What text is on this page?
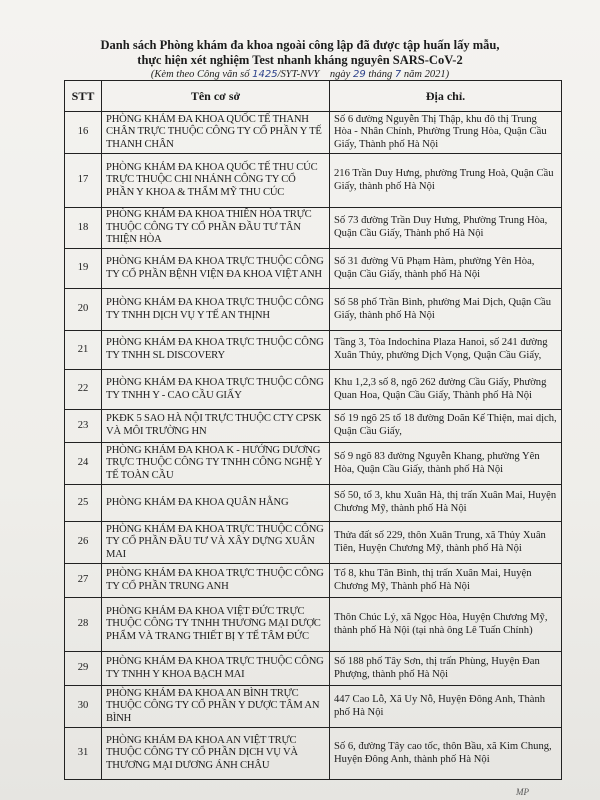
Danh sách Phòng khám đa khoa ngoài công lập đã được tập huấn lấy mẫu,
thực hiện xét nghiệm Test nhanh kháng nguyên SARS-CoV-2
(Kèm theo Công văn số 1425/SYT-NVY ngày 29 tháng 7 năm 2021)
STT	Tên cơ sở	Địa chỉ.
16	PHÒNG KHÁM ĐA KHOA QUỐC TẾ THANH CHÂN TRỰC THUỘC CÔNG TY CỔ PHẦN Y TẾ THANH CHÂN	Số 6 đường Nguyễn Thị Thập, khu đô thị Trung Hòa - Nhân Chính, Phường Trung Hòa, Quận Cầu Giấy, Thành phố Hà Nội
17	PHÒNG KHÁM ĐA KHOA QUỐC TẾ THU CÚC TRỰC THUỘC CHI NHÁNH CÔNG TY CỔ PHẦN Y KHOA & THẨM MỸ THU CÚC	216 Trần Duy Hưng, phường Trung Hoà, Quận Cầu Giấy, thành phố Hà Nội
18	PHÒNG KHÁM ĐA KHOA THIÊN HÒA TRỰC THUỘC CÔNG TY CỔ PHẦN ĐẦU TƯ TÂN THIỆN HÒA	Số 73 đường Trần Duy Hưng, Phường Trung Hòa, Quận Cầu Giấy, Thành phố Hà Nội
19	PHÒNG KHÁM ĐA KHOA TRỰC THUỘC CÔNG TY CỔ PHẦN BỆNH VIỆN ĐA KHOA VIỆT ANH	Số 31 đường Vũ Phạm Hàm, phường Yên Hòa, Quận Cầu Giấy, thành phố Hà Nội
20	PHÒNG KHÁM ĐA KHOA TRỰC THUỘC CÔNG TY TNHH DỊCH VỤ Y TẾ AN THỊNH	Số 58 phố Trần Bình, phường Mai Dịch, Quận Cầu Giấy, thành phố Hà Nội
21	PHÒNG KHÁM ĐA KHOA TRỰC THUỘC CÔNG TY TNHH SL DISCOVERY	Tầng 3, Tòa Indochina Plaza Hanoi, số 241 đường Xuân Thủy, phường Dịch Vọng, Quận Cầu Giấy,
22	PHÒNG KHÁM ĐA KHOA TRỰC THUỘC CÔNG TY TNHH Y - CAO CẦU GIẤY	Khu 1,2,3 số 8, ngõ 262 đường Cầu Giấy, Phường Quan Hoa, Quận Cầu Giấy, Thành phố Hà Nội
23	PKĐK 5 SAO HÀ NỘI TRỰC THUỘC CTY CPSK VÀ MÔI TRƯỜNG HN	Số 19 ngõ 25 tổ 18 đường Doãn Kế Thiện, mai dịch, Quận Cầu Giấy,
24	PHÒNG KHÁM ĐA KHOA K - HƯỚNG DƯƠNG TRỰC THUỘC CÔNG TY TNHH CÔNG NGHỆ Y TẾ TOÀN CẦU	Số 9 ngõ 83 đường Nguyễn Khang, phường Yên Hòa, Quận Cầu Giấy, thành phố Hà Nội
25	PHÒNG KHÁM ĐA KHOA QUÂN HẰNG	Số 50, tổ 3, khu Xuân Hà, thị trấn Xuân Mai, Huyện Chương Mỹ, thành phố Hà Nội
26	PHÒNG KHÁM ĐA KHOA TRỰC THUỘC CÔNG TY CỔ PHẦN ĐẦU TƯ VÀ XÂY DỰNG XUÂN MAI	Thửa đất số 229, thôn Xuân Trung, xã Thủy Xuân Tiên, Huyện Chương Mỹ, thành phố Hà Nội
27	PHÒNG KHÁM ĐA KHOA TRỰC THUỘC CÔNG TY CỔ PHẦN TRUNG ANH	Tổ 8, khu Tân Bình, thị trấn Xuân Mai, Huyện Chương Mỹ, Thành phố Hà Nội
28	PHÒNG KHÁM ĐA KHOA VIỆT ĐỨC TRỰC THUỘC CÔNG TY TNHH THƯƠNG MẠI DƯỢC PHẨM VÀ TRANG THIẾT BỊ Y TẾ TÂM ĐỨC	Thôn Chúc Lý, xã Ngọc Hòa, Huyện Chương Mỹ, thành phố Hà Nội (tại nhà ông Lê Tuấn Chính)
29	PHÒNG KHÁM ĐA KHOA TRỰC THUỘC CÔNG TY TNHH Y KHOA BẠCH MAI	Số 188 phố Tây Sơn, thị trấn Phùng, Huyện Đan Phượng, thành phố Hà Nội
30	PHÒNG KHÁM ĐA KHOA AN BÌNH TRỰC THUỘC CÔNG TY CỔ PHẦN Y DƯỢC TÂM AN BÌNH	447 Cao Lỗ, Xã Uy Nỗ, Huyện Đông Anh, Thành phố Hà Nội
31	PHÒNG KHÁM ĐA KHOA AN VIỆT TRỰC THUỘC CÔNG TY CỔ PHẦN DỊCH VỤ VÀ THƯƠNG MẠI DƯƠNG ÁNH CHÂU	Số 6, đường Tây cao tốc, thôn Bầu, xã Kim Chung, Huyện Đông Anh, thành phố Hà Nội
MP
